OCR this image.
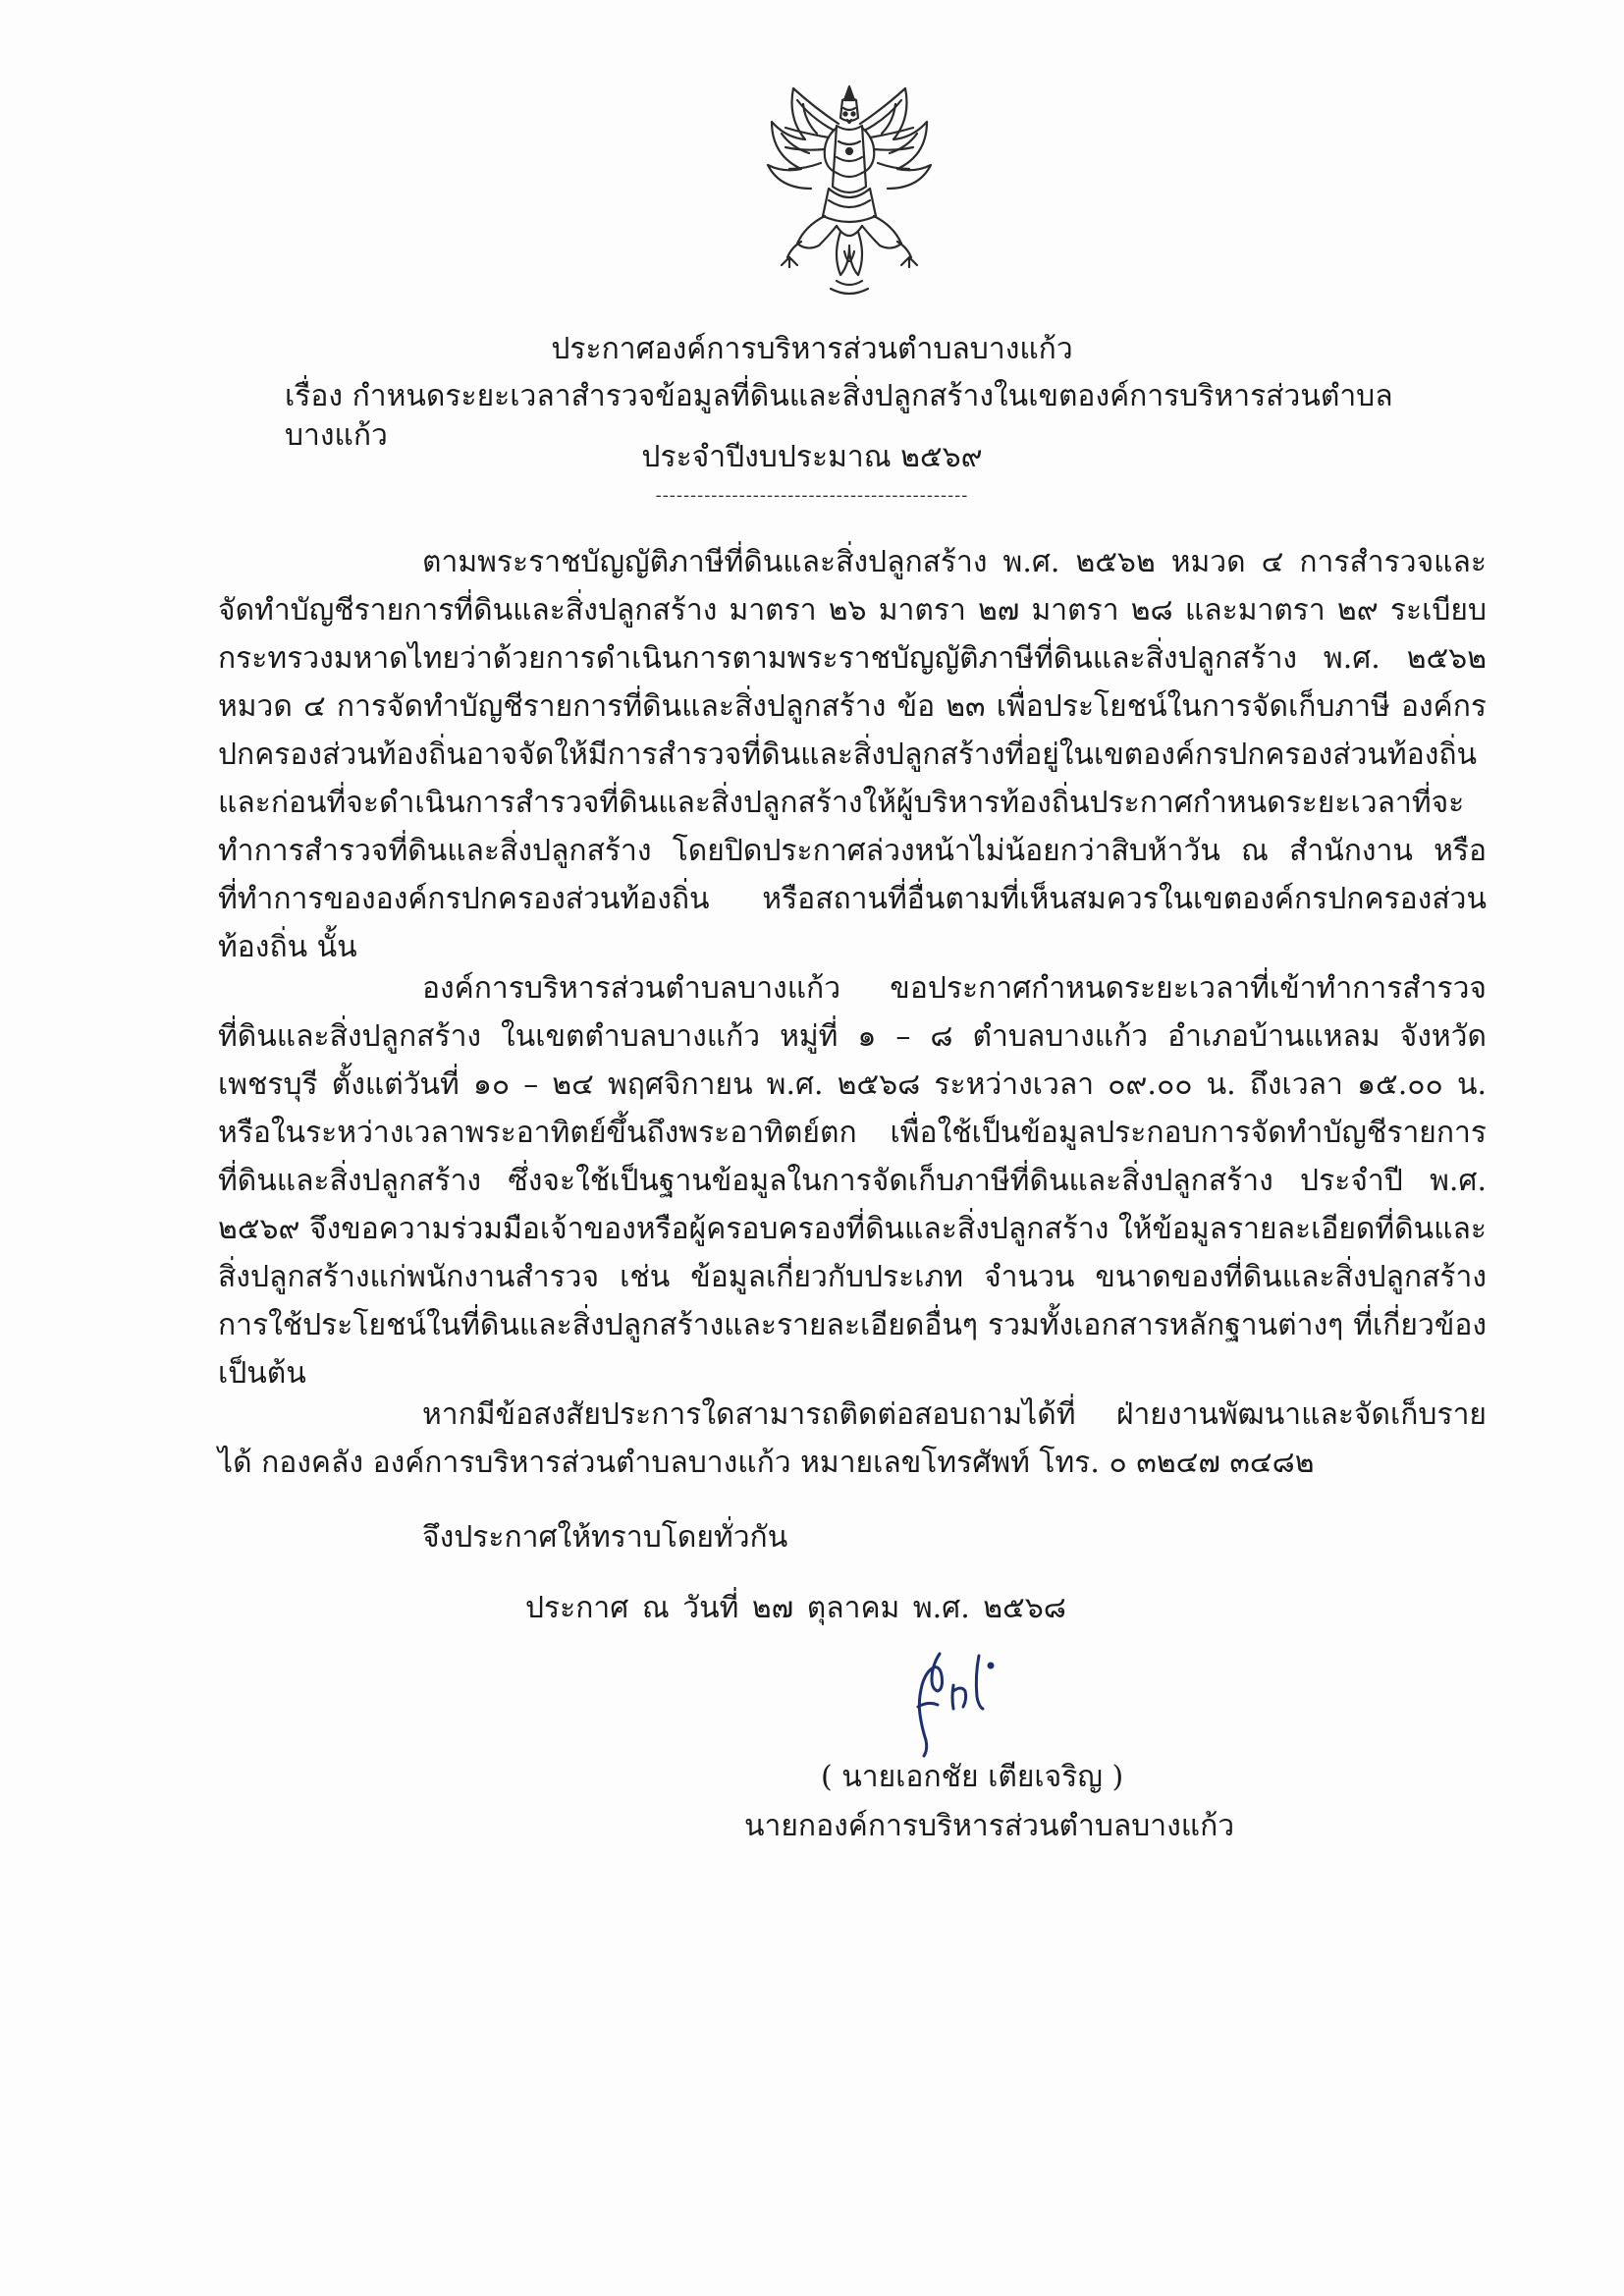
ประกาศองค์การบริหารส่วนตำบลบางแก้ว
เรื่อง กำหนดระยะเวลาสำรวจข้อมูลที่ดินและสิ่งปลูกสร้างในเขตองค์การบริหารส่วนตำบลบางแก้ว
ประจำปีงบประมาณ ๒๕๖๙
---------------------------------------------
ตามพระราชบัญญัติภาษีที่ดินและสิ่งปลูกสร้าง พ.ศ. ๒๕๖๒ หมวด ๔ การสำรวจและจัดทำบัญชีรายการที่ดินและสิ่งปลูกสร้าง มาตรา ๒๖ มาตรา ๒๗ มาตรา ๒๘ และมาตรา ๒๙ ระเบียบกระทรวงมหาดไทยว่าด้วยการดำเนินการตามพระราชบัญญัติภาษีที่ดินและสิ่งปลูกสร้าง พ.ศ. ๒๕๖๒ หมวด ๔ การจัดทำบัญชีรายการที่ดินและสิ่งปลูกสร้าง ข้อ ๒๓ เพื่อประโยชน์ในการจัดเก็บภาษี องค์กรปกครองส่วนท้องถิ่นอาจจัดให้มีการสำรวจที่ดินและสิ่งปลูกสร้างที่อยู่ในเขตองค์กรปกครองส่วนท้องถิ่น และก่อนที่จะดำเนินการสำรวจที่ดินและสิ่งปลูกสร้างให้ผู้บริหารท้องถิ่นประกาศกำหนดระยะเวลาที่จะทำการสำรวจที่ดินและสิ่งปลูกสร้าง โดยปิดประกาศล่วงหน้าไม่น้อยกว่าสิบห้าวัน ณ สำนักงาน หรือที่ทำการขององค์กรปกครองส่วนท้องถิ่น หรือสถานที่อื่นตามที่เห็นสมควรในเขตองค์กรปกครองส่วนท้องถิ่น นั้น
องค์การบริหารส่วนตำบลบางแก้ว ขอประกาศกำหนดระยะเวลาที่เข้าทำการสำรวจที่ดินและสิ่งปลูกสร้าง ในเขตตำบลบางแก้ว หมู่ที่ ๑ – ๘ ตำบลบางแก้ว อำเภอบ้านแหลม จังหวัดเพชรบุรี ตั้งแต่วันที่ ๑๐ – ๒๔ พฤศจิกายน พ.ศ. ๒๕๖๘ ระหว่างเวลา ๐๙.๐๐ น. ถึงเวลา ๑๕.๐๐ น. หรือในระหว่างเวลาพระอาทิตย์ขึ้นถึงพระอาทิตย์ตก เพื่อใช้เป็นข้อมูลประกอบการจัดทำบัญชีรายการที่ดินและสิ่งปลูกสร้าง ซึ่งจะใช้เป็นฐานข้อมูลในการจัดเก็บภาษีที่ดินและสิ่งปลูกสร้าง ประจำปี พ.ศ. ๒๕๖๙ จึงขอความร่วมมือเจ้าของหรือผู้ครอบครองที่ดินและสิ่งปลูกสร้าง ให้ข้อมูลรายละเอียดที่ดินและสิ่งปลูกสร้างแก่พนักงานสำรวจ เช่น ข้อมูลเกี่ยวกับประเภท จำนวน ขนาดของที่ดินและสิ่งปลูกสร้าง การใช้ประโยชน์ในที่ดินและสิ่งปลูกสร้างและรายละเอียดอื่นๆ รวมทั้งเอกสารหลักฐานต่างๆ ที่เกี่ยวข้องเป็นต้น
หากมีข้อสงสัยประการใดสามารถติดต่อสอบถามได้ที่ ฝ่ายงานพัฒนาและจัดเก็บรายได้ กองคลัง องค์การบริหารส่วนตำบลบางแก้ว หมายเลขโทรศัพท์ โทร. ๐ ๓๒๔๗ ๓๔๘๒
จึงประกาศให้ทราบโดยทั่วกัน
ประกาศ ณ วันที่ ๒๗ ตุลาคม พ.ศ. ๒๕๖๘
( นายเอกชัย เตียเจริญ )
นายกองค์การบริหารส่วนตำบลบางแก้ว
